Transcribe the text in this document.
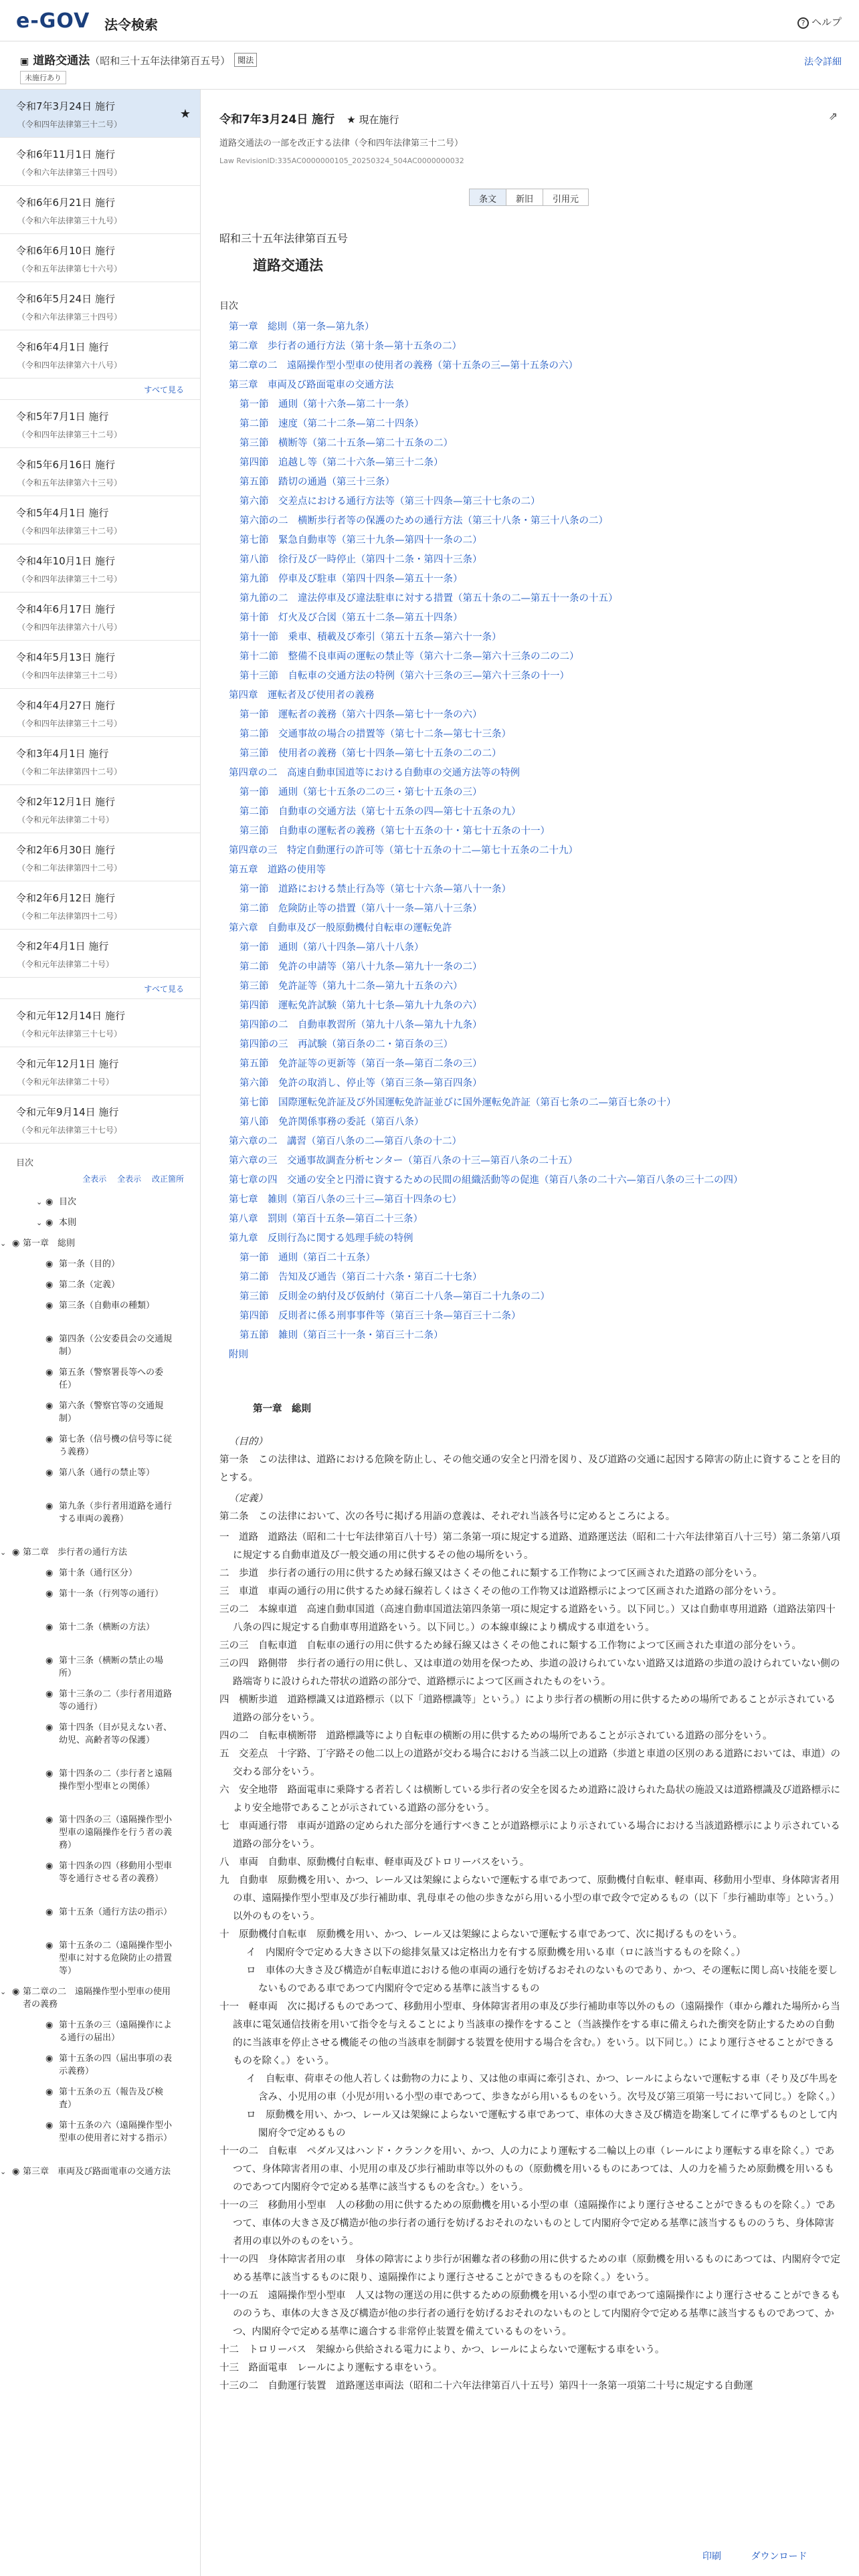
e-GOV 法令検索	? ヘルプ
▣ 道路交通法（昭和三十五年法律第百五号） 閲法
未施行あり
法令詳細
令和7年3月24日 施行
（令和四年法律第三十二号）
★
令和6年11月1日 施行
（令和六年法律第三十四号）
令和6年6月21日 施行
（令和六年法律第三十九号）
令和6年6月10日 施行
（令和五年法律第七十六号）
令和6年5月24日 施行
（令和六年法律第三十四号）
令和6年4月1日 施行
（令和四年法律第六十八号）
すべて見る
令和5年7月1日 施行
（令和四年法律第三十二号）
令和5年6月16日 施行
（令和五年法律第六十三号）
令和5年4月1日 施行
（令和四年法律第三十二号）
令和4年10月1日 施行
（令和四年法律第三十二号）
令和4年6月17日 施行
（令和四年法律第六十八号）
令和4年5月13日 施行
（令和四年法律第三十二号）
令和4年4月27日 施行
（令和四年法律第三十二号）
令和3年4月1日 施行
（令和二年法律第四十二号）
令和2年12月1日 施行
（令和元年法律第二十号）
令和2年6月30日 施行
（令和二年法律第四十二号）
令和2年6月12日 施行
（令和二年法律第四十二号）
令和2年4月1日 施行
（令和元年法律第二十号）
すべて見る
令和元年12月14日 施行
（令和元年法律第三十七号）
令和元年12月1日 施行
（令和元年法律第二十号）
令和元年9月14日 施行
（令和元年法律第三十七号）
目次
全表示 全表示 改正箇所
目次
⌄ ◉
本則
⌄ ◉
第一章　総則
⌄ ◉
第一条（目的）
◉
第二条（定義）
◉
第三条（自動車の種類）
◉
第四条（公安委員会の交通規制）
◉
第五条（警察署長等への委任）
◉
第六条（警察官等の交通規制）
◉
第七条（信号機の信号等に従う義務）
◉
第八条（通行の禁止等）
◉
第九条（歩行者用道路を通行する車両の義務）
◉
第二章　歩行者の通行方法
⌄ ◉
第十条（通行区分）
◉
第十一条（行列等の通行）
◉
第十二条（横断の方法）
◉
第十三条（横断の禁止の場所）
◉
第十三条の二（歩行者用道路等の通行）
◉
第十四条（目が見えない者、幼児、高齢者等の保護）
◉
第十四条の二（歩行者と遠隔操作型小型車との関係）
◉
第十四条の三（遠隔操作型小型車の遠隔操作を行う者の義務）
◉
第十四条の四（移動用小型車等を通行させる者の義務）
◉
第十五条（通行方法の指示）
◉
第十五条の二（遠隔操作型小型車に対する危険防止の措置等）
◉
第二章の二　遠隔操作型小型車の使用者の義務
⌄ ◉
第十五条の三（遠隔操作による通行の届出）
◉
第十五条の四（届出事項の表示義務）
◉
第十五条の五（報告及び検査）
◉
第十五条の六（遠隔操作型小型車の使用者に対する指示）
◉
第三章　車両及び路面電車の交通方法
⌄ ◉
令和7年3月24日 施行 ★ 現在施行
道路交通法の一部を改正する法律（令和四年法律第三十二号）
Law RevisionID:335AC0000000105_20250324_504AC0000000032
⇗
条文	新旧	引用元
昭和三十五年法律第百五号
道路交通法
目次
第一章　総則（第一条—第九条）
第二章　歩行者の通行方法（第十条—第十五条の二）
第二章の二　遠隔操作型小型車の使用者の義務（第十五条の三—第十五条の六）
第三章　車両及び路面電車の交通方法
第一節　通則（第十六条—第二十一条）
第二節　速度（第二十二条—第二十四条）
第三節　横断等（第二十五条—第二十五条の二）
第四節　追越し等（第二十六条—第三十二条）
第五節　踏切の通過（第三十三条）
第六節　交差点における通行方法等（第三十四条—第三十七条の二）
第六節の二　横断歩行者等の保護のための通行方法（第三十八条・第三十八条の二）
第七節　緊急自動車等（第三十九条—第四十一条の二）
第八節　徐行及び一時停止（第四十二条・第四十三条）
第九節　停車及び駐車（第四十四条—第五十一条）
第九節の二　違法停車及び違法駐車に対する措置（第五十条の二—第五十一条の十五）
第十節　灯火及び合図（第五十二条—第五十四条）
第十一節　乗車、積載及び牽引（第五十五条—第六十一条）
第十二節　整備不良車両の運転の禁止等（第六十二条—第六十三条の二の二）
第十三節　自転車の交通方法の特例（第六十三条の三—第六十三条の十一）
第四章　運転者及び使用者の義務
第一節　運転者の義務（第六十四条—第七十一条の六）
第二節　交通事故の場合の措置等（第七十二条—第七十三条）
第三節　使用者の義務（第七十四条—第七十五条の二の二）
第四章の二　高速自動車国道等における自動車の交通方法等の特例
第一節　通則（第七十五条の二の三・第七十五条の三）
第二節　自動車の交通方法（第七十五条の四—第七十五条の九）
第三節　自動車の運転者の義務（第七十五条の十・第七十五条の十一）
第四章の三　特定自動運行の許可等（第七十五条の十二—第七十五条の二十九）
第五章　道路の使用等
第一節　道路における禁止行為等（第七十六条—第八十一条）
第二節　危険防止等の措置（第八十一条—第八十三条）
第六章　自動車及び一般原動機付自転車の運転免許
第一節　通則（第八十四条—第八十八条）
第二節　免許の申請等（第八十九条—第九十一条の二）
第三節　免許証等（第九十二条—第九十五条の六）
第四節　運転免許試験（第九十七条—第九十九条の六）
第四節の二　自動車教習所（第九十八条—第九十九条）
第四節の三　再試験（第百条の二・第百条の三）
第五節　免許証等の更新等（第百一条—第百二条の三）
第六節　免許の取消し、停止等（第百三条—第百四条）
第七節　国際運転免許証及び外国運転免許証並びに国外運転免許証（第百七条の二—第百七条の十）
第八節　免許関係事務の委託（第百八条）
第六章の二　講習（第百八条の二—第百八条の十二）
第六章の三　交通事故調査分析センター（第百八条の十三—第百八条の二十五）
第七章の四　交通の安全と円滑に資するための民間の組織活動等の促進（第百八条の二十六—第百八条の三十二の四）
第七章　雑則（第百八条の三十三—第百十四条の七）
第八章　罰則（第百十五条—第百二十三条）
第九章　反則行為に関する処理手続の特例
第一節　通則（第百二十五条）
第二節　告知及び通告（第百二十六条・第百二十七条）
第三節　反則金の納付及び仮納付（第百二十八条—第百二十九条の二）
第四節　反則者に係る刑事事件等（第百三十条—第百三十二条）
第五節　雑則（第百三十一条・第百三十二条）
附則
第一章　総則
（目的）
第一条　この法律は、道路における危険を防止し、その他交通の安全と円滑を図り、及び道路の交通に起因する障害の防止に資することを目的とする。
（定義）
第二条　この法律において、次の各号に掲げる用語の意義は、それぞれ当該各号に定めるところによる。
一　道路　道路法（昭和二十七年法律第百八十号）第二条第一項に規定する道路、道路運送法（昭和二十六年法律第百八十三号）第二条第八項に規定する自動車道及び一般交通の用に供するその他の場所をいう。
二　歩道　歩行者の通行の用に供するため縁石線又はさくその他これに類する工作物によつて区画された道路の部分をいう。
三　車道　車両の通行の用に供するため縁石線若しくはさくその他の工作物又は道路標示によつて区画された道路の部分をいう。
三の二　本線車道　高速自動車国道（高速自動車国道法第四条第一項に規定する道路をいう。以下同じ。）又は自動車専用道路（道路法第四十八条の四に規定する自動車専用道路をいう。以下同じ。）の本線車線により構成する車道をいう。
三の三　自転車道　自転車の通行の用に供するため縁石線又はさくその他これに類する工作物によつて区画された車道の部分をいう。
三の四　路側帯　歩行者の通行の用に供し、又は車道の効用を保つため、歩道の設けられていない道路又は道路の歩道の設けられていない側の路端寄りに設けられた帯状の道路の部分で、道路標示によつて区画されたものをいう。
四　横断歩道　道路標識又は道路標示（以下「道路標識等」という。）により歩行者の横断の用に供するための場所であることが示されている道路の部分をいう。
四の二　自転車横断帯　道路標識等により自転車の横断の用に供するための場所であることが示されている道路の部分をいう。
五　交差点　十字路、丁字路その他二以上の道路が交わる場合における当該二以上の道路（歩道と車道の区別のある道路においては、車道）の交わる部分をいう。
六　安全地帯　路面電車に乗降する者若しくは横断している歩行者の安全を図るため道路に設けられた島状の施設又は道路標識及び道路標示により安全地帯であることが示されている道路の部分をいう。
七　車両通行帯　車両が道路の定められた部分を通行すべきことが道路標示により示されている場合における当該道路標示により示されている道路の部分をいう。
八　車両　自動車、原動機付自転車、軽車両及びトロリーバスをいう。
九　自動車　原動機を用い、かつ、レール又は架線によらないで運転する車であつて、原動機付自転車、軽車両、移動用小型車、身体障害者用の車、遠隔操作型小型車及び歩行補助車、乳母車その他の歩きながら用いる小型の車で政令で定めるもの（以下「歩行補助車等」という。）以外のものをいう。
十　原動機付自転車　原動機を用い、かつ、レール又は架線によらないで運転する車であつて、次に掲げるものをいう。
イ　内閣府令で定める大きさ以下の総排気量又は定格出力を有する原動機を用いる車（ロに該当するものを除く。）
ロ　車体の大きさ及び構造が自転車道における他の車両の通行を妨げるおそれのないものであり、かつ、その運転に関し高い技能を要しないものである車であつて内閣府令で定める基準に該当するもの
十一　軽車両　次に掲げるものであつて、移動用小型車、身体障害者用の車及び歩行補助車等以外のもの（遠隔操作（車から離れた場所から当該車に電気通信技術を用いて指令を与えることにより当該車の操作をすること（当該操作をする車に備えられた衝突を防止するための自動的に当該車を停止させる機能その他の当該車を制御する装置を使用する場合を含む。）をいう。以下同じ。）により運行させることができるものを除く。）をいう。
イ　自転車、荷車その他人若しくは動物の力により、又は他の車両に牽引され、かつ、レールによらないで運転する車（そり及び牛馬を含み、小児用の車（小児が用いる小型の車であつて、歩きながら用いるものをいう。次号及び第三項第一号において同じ。）を除く。）
ロ　原動機を用い、かつ、レール又は架線によらないで運転する車であつて、車体の大きさ及び構造を勘案してイに準ずるものとして内閣府令で定めるもの
十一の二　自転車　ペダル又はハンド・クランクを用い、かつ、人の力により運転する二輪以上の車（レールにより運転する車を除く。）であつて、身体障害者用の車、小児用の車及び歩行補助車等以外のもの（原動機を用いるものにあつては、人の力を補うため原動機を用いるものであつて内閣府令で定める基準に該当するものを含む。）をいう。
十一の三　移動用小型車　人の移動の用に供するための原動機を用いる小型の車（遠隔操作により運行させることができるものを除く。）であつて、車体の大きさ及び構造が他の歩行者の通行を妨げるおそれのないものとして内閣府令で定める基準に該当するもののうち、身体障害者用の車以外のものをいう。
十一の四　身体障害者用の車　身体の障害により歩行が困難な者の移動の用に供するための車（原動機を用いるものにあつては、内閣府令で定める基準に該当するものに限り、遠隔操作により運行させることができるものを除く。）をいう。
十一の五　遠隔操作型小型車　人又は物の運送の用に供するための原動機を用いる小型の車であつて遠隔操作により運行させることができるもののうち、車体の大きさ及び構造が他の歩行者の通行を妨げるおそれのないものとして内閣府令で定める基準に該当するものであつて、かつ、内閣府令で定める基準に適合する非常停止装置を備えているものをいう。
十二　トロリーバス　架線から供給される電力により、かつ、レールによらないで運転する車をいう。
十三　路面電車　レールにより運転する車をいう。
十三の二　自動運行装置　道路運送車両法（昭和二十六年法律第百八十五号）第四十一条第一項第二十号に規定する自動運
印刷	ダウンロード
